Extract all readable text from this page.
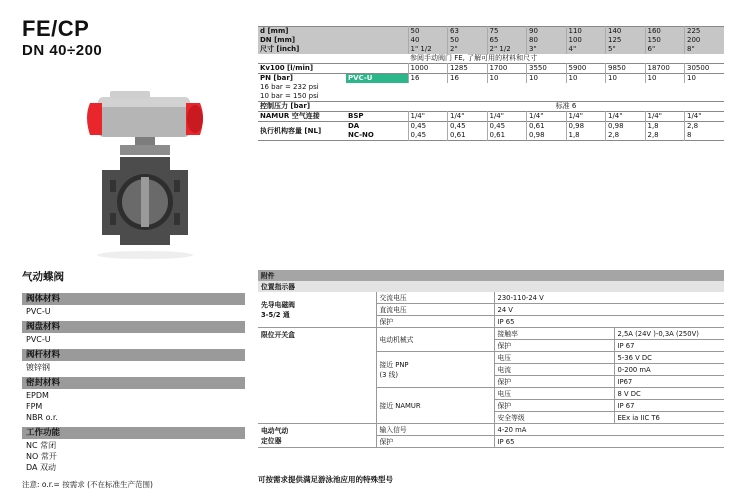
FE/CP
DN 40÷200
气动蝶阀
阀体材料
PVC-U
阀盘材料
PVC-U
阀杆材料
镀锌钢
密封材料
EPDM
FPM
NBR o.r.
工作功能
NC 常闭
NO 常开
DA 双动
注意: o.r.= 按需求 (不在标准生产范围)
d [mm]		50	63	75	90	110	140	160	225
DN [mm]		40	50	65	80	100	125	150	200
尺寸 [inch]		1" 1/2	2"	2" 1/2	3"	4"	5"	6"	8"
		参阅手动阀门 FE, 了解可用的材料和尺寸							
Kv100 [l/min]		1000	1285	1700	3550	5900	9850	18700	30500
PN [bar]	PVC-U	16	16	10	10	10	10	10	10
16 bar = 232 psi									
10 bar = 150 psi									
控制压力 [bar]		标准 6							
NAMUR 空气连接	BSP	1/4"	1/4"	1/4"	1/4"	1/4"	1/4"	1/4"	1/4"
执行机构容量 [NL]	DA	0,45	0,45	0,45	0,61	0,98	0,98	1,8	2,8
	NC-NO	0,45	0,61	0,61	0,98	1,8	2,8	2,8	8
附件			
位置指示器			
先导电磁阀
3-5/2 通	交流电压	230-110-24 V	
	直流电压	24 V	
	保护	IP 65	
限位开关盒	电动机械式	接触率	2,5A (24V )-0,3A (250V)
		保护	IP 67
	接近 PNP
(3 线)	电压	5-36 V DC
		电流	0-200 mA
		保护	IP67
	接近 NAMUR	电压	8 V DC
		保护	IP 67
		安全等级	EEx ia IIC T6
电动气动
定位器	输入信号	4-20 mA	
	保护	IP 65	
可按需求提供满足游泳池应用的特殊型号
